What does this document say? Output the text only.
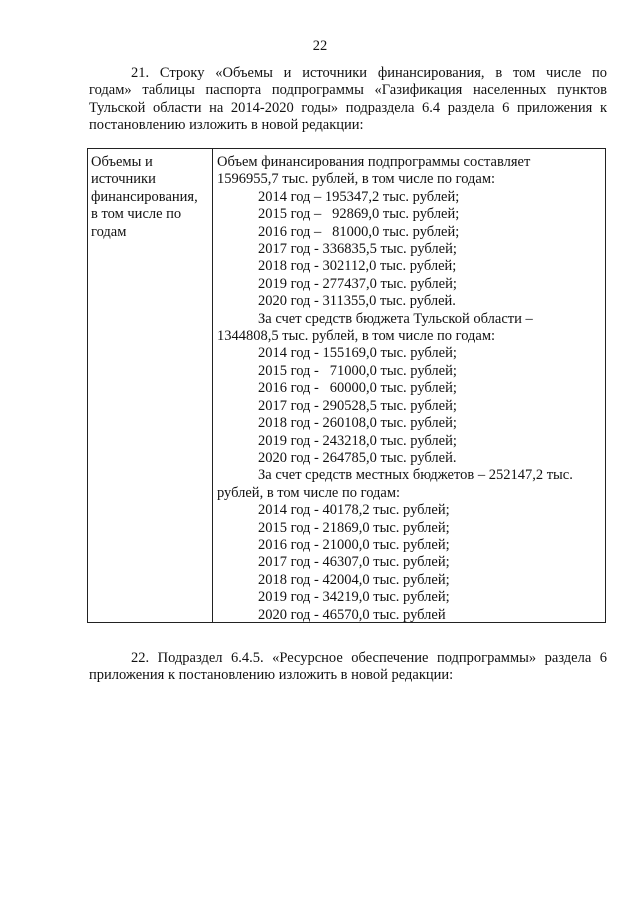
22
21. Строку «Объемы и источники финансирования, в том числе по
годам» таблицы паспорта подпрограммы «Газификация населенных пунктов
Тульской области на 2014-2020 годы» подраздела 6.4 раздела 6 приложения к
постановлению изложить в новой редакции:
Объемы и
источники
финансирования,
в том числе по
годам
Объем финансирования подпрограммы составляет
1596955,7 тыс. рублей, в том числе по годам:
2014 год – 195347,2 тыс. рублей;
2015 год –   92869,0 тыс. рублей;
2016 год –   81000,0 тыс. рублей;
2017 год - 336835,5 тыс. рублей;
2018 год - 302112,0 тыс. рублей;
2019 год - 277437,0 тыс. рублей;
2020 год - 311355,0 тыс. рублей.
За счет средств бюджета Тульской области –
1344808,5 тыс. рублей, в том числе по годам:
2014 год - 155169,0 тыс. рублей;
2015 год -   71000,0 тыс. рублей;
2016 год -   60000,0 тыс. рублей;
2017 год - 290528,5 тыс. рублей;
2018 год - 260108,0 тыс. рублей;
2019 год - 243218,0 тыс. рублей;
2020 год - 264785,0 тыс. рублей.
За счет средств местных бюджетов – 252147,2 тыс.
рублей, в том числе по годам:
2014 год - 40178,2 тыс. рублей;
2015 год - 21869,0 тыс. рублей;
2016 год - 21000,0 тыс. рублей;
2017 год - 46307,0 тыс. рублей;
2018 год - 42004,0 тыс. рублей;
2019 год - 34219,0 тыс. рублей;
2020 год - 46570,0 тыс. рублей
22. Подраздел 6.4.5. «Ресурсное обеспечение подпрограммы» раздела 6
приложения к постановлению изложить в новой редакции:
